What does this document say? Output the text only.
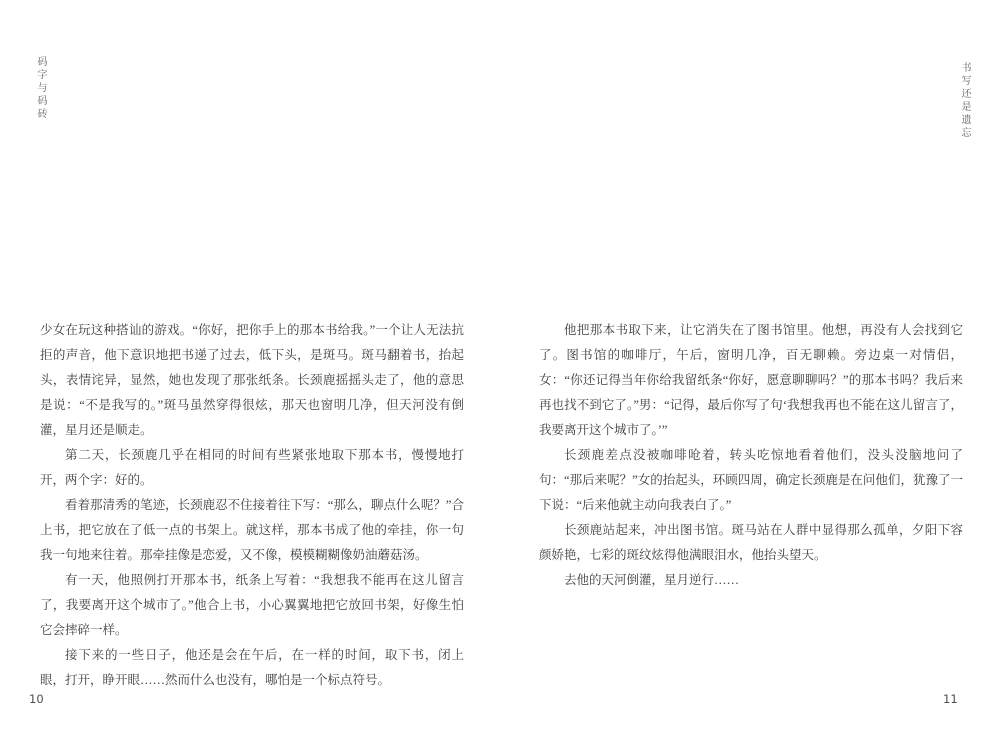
码字与码砖	书写还是遗忘

少女在玩这种搭讪的游戏。“你好，把你手上的那本书给我。”一个让人无法抗拒的声音，他下意识地把书递了过去，低下头，是斑马。斑马翻着书，抬起头，表情诧异，显然，她也发现了那张纸条。长颈鹿摇摇头走了，他的意思是说：“不是我写的。”斑马虽然穿得很炫，那天也窗明几净，但天河没有倒灌，星月还是顺走。

第二天，长颈鹿几乎在相同的时间有些紧张地取下那本书，慢慢地打开，两个字：好的。

看着那清秀的笔迹，长颈鹿忍不住接着往下写：“那么，聊点什么呢？”合上书，把它放在了低一点的书架上。就这样，那本书成了他的牵挂，你一句我一句地来往着。那牵挂像是恋爱，又不像，模模糊糊像奶油蘑菇汤。

有一天，他照例打开那本书，纸条上写着：“我想我不能再在这儿留言了，我要离开这个城市了。”他合上书，小心翼翼地把它放回书架，好像生怕它会摔碎一样。

接下来的一些日子，他还是会在午后，在一样的时间，取下书，闭上眼，打开，睁开眼……然而什么也没有，哪怕是一个标点符号。

他把那本书取下来，让它消失在了图书馆里。他想，再没有人会找到它了。图书馆的咖啡厅，午后，窗明几净，百无聊赖。旁边桌一对情侣，女：“你还记得当年你给我留纸条“你好，愿意聊聊吗？”的那本书吗？我后来再也找不到它了。”男：“记得，最后你写了句‘我想我再也不能在这儿留言了，我要离开这个城市了。’”

长颈鹿差点没被咖啡呛着，转头吃惊地看着他们，没头没脑地问了句：“那后来呢？”女的抬起头，环顾四周，确定长颈鹿是在问他们，犹豫了一下说：“后来他就主动向我表白了。”

长颈鹿站起来，冲出图书馆。斑马站在人群中显得那么孤单，夕阳下容颜娇艳，七彩的斑纹炫得他满眼泪水，他抬头望天。

去他的天河倒灌，星月逆行……

10	11
